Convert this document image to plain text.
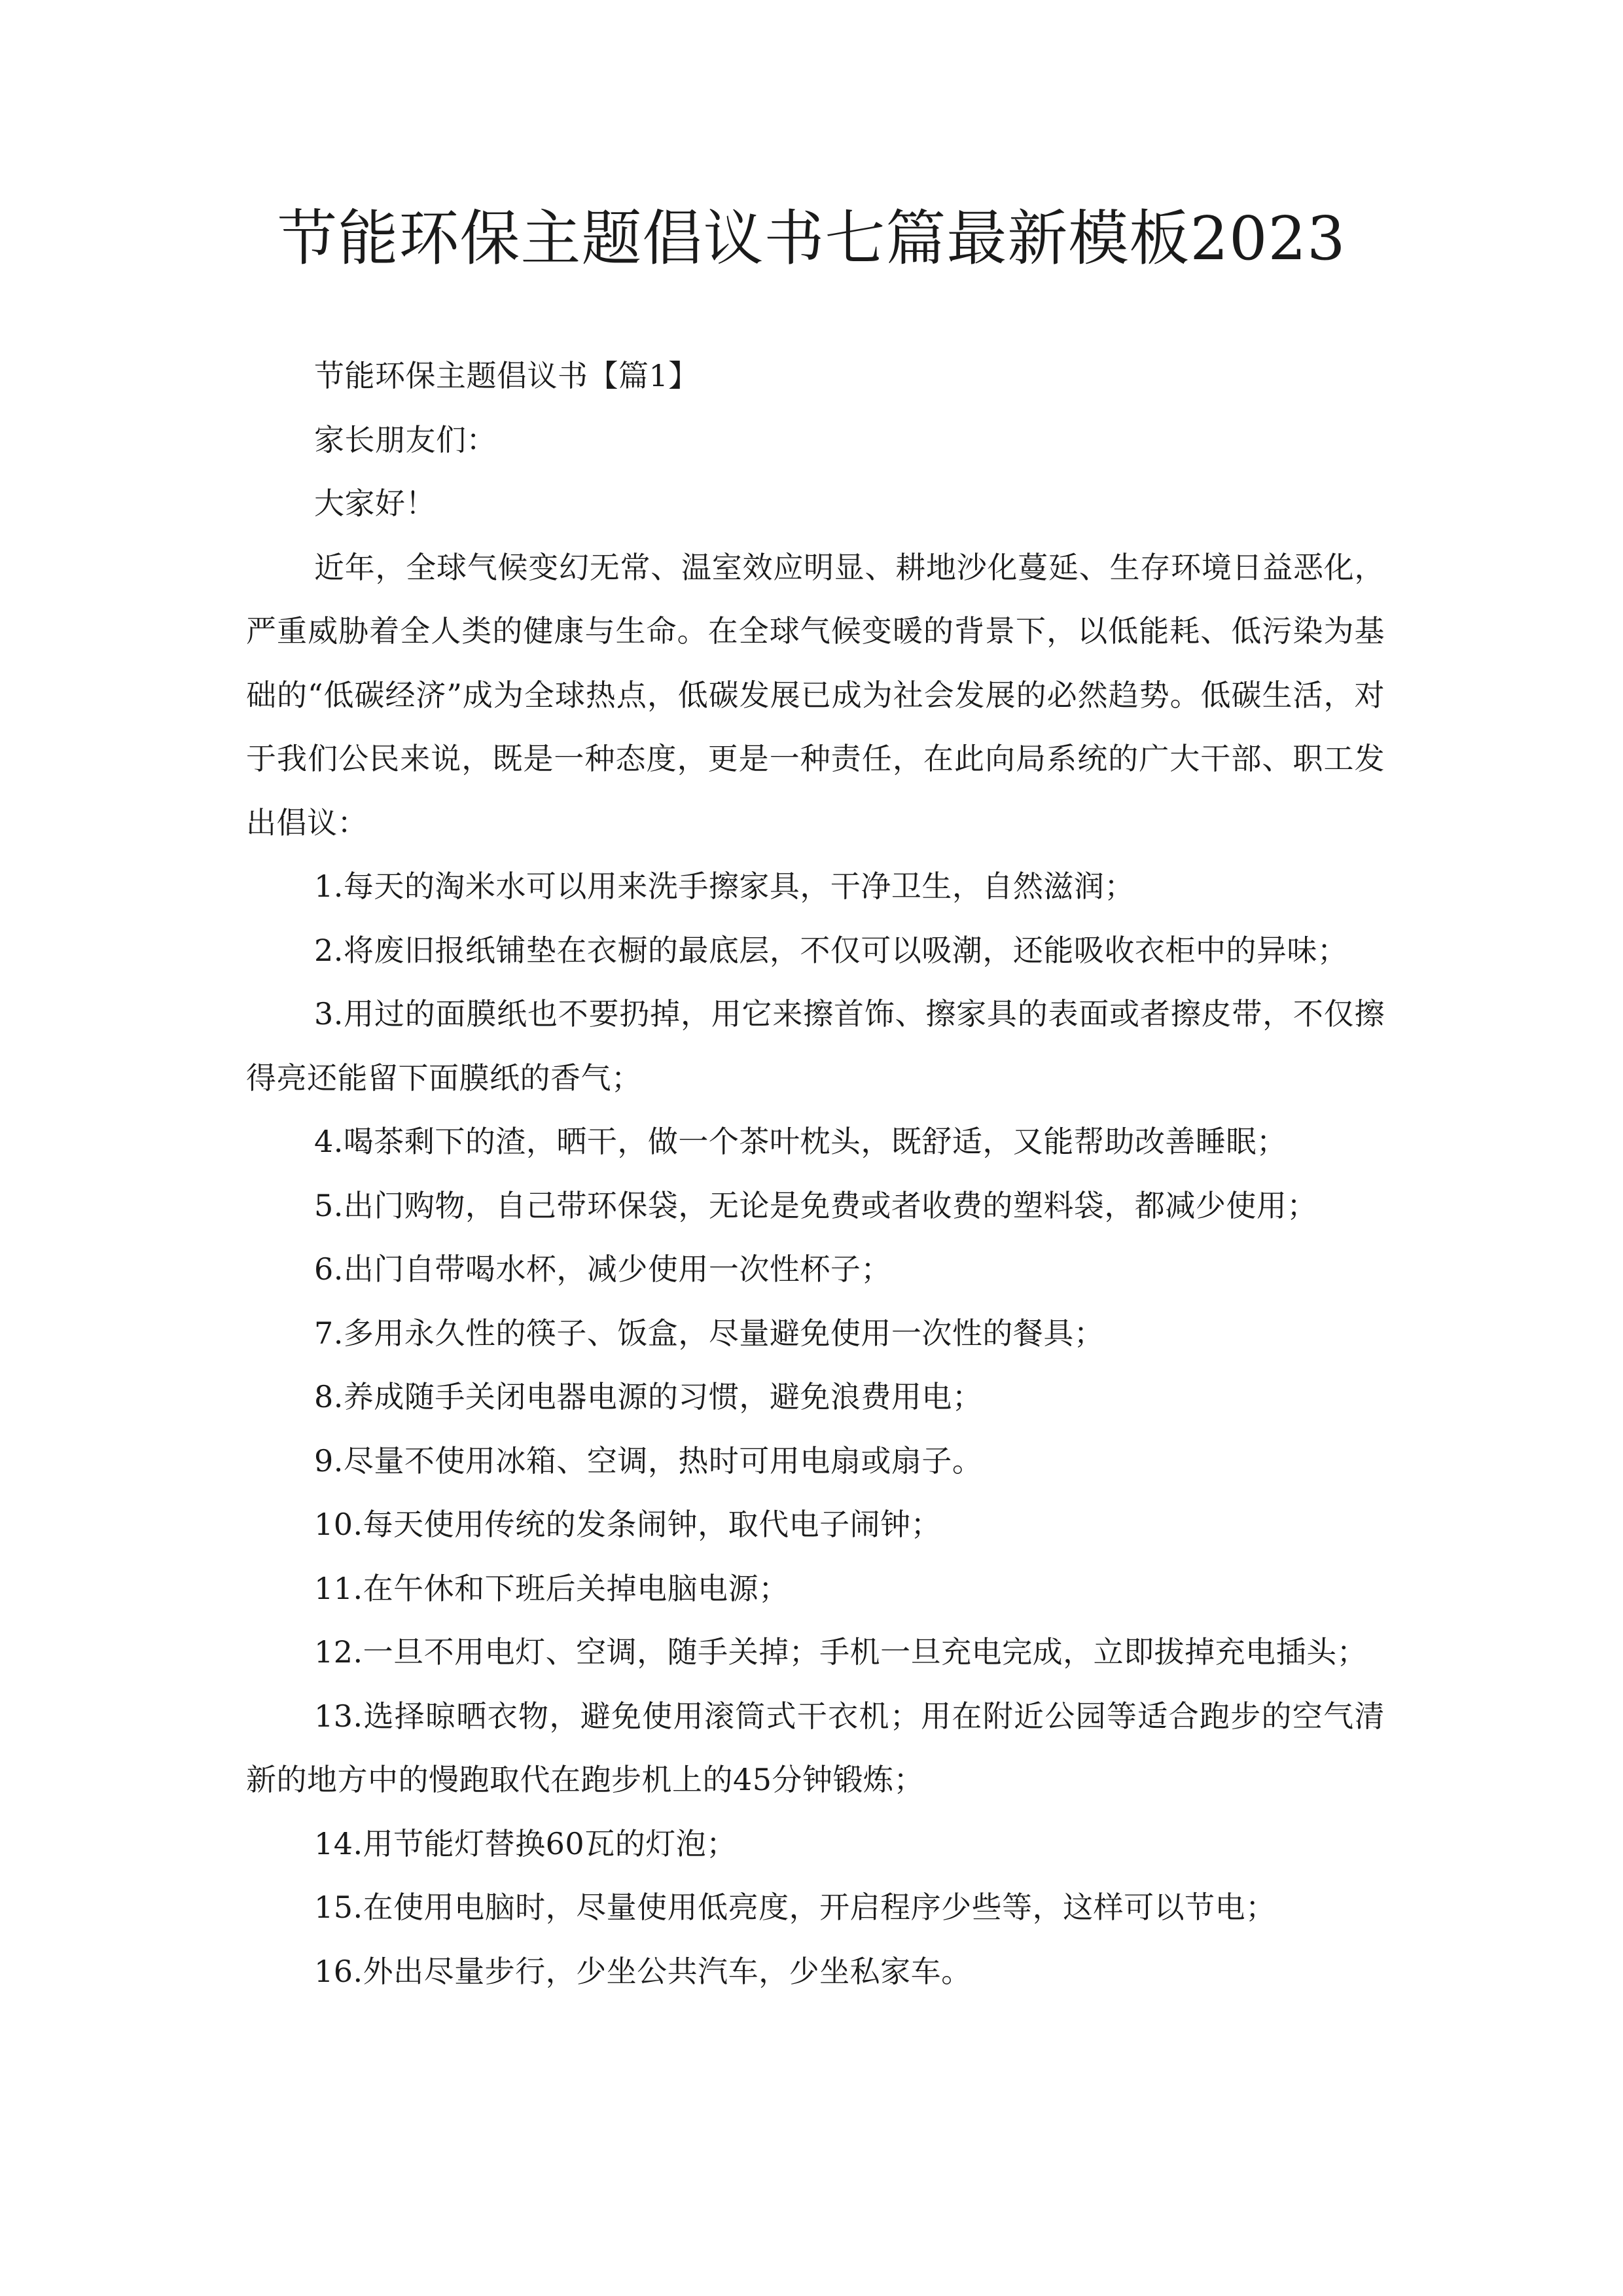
节能环保主题倡议书七篇最新模板2023

节能环保主题倡议书【篇1】

家长朋友们：

大家好！

近年，全球气候变幻无常、温室效应明显、耕地沙化蔓延、生存环境日益恶化，严重威胁着全人类的健康与生命。在全球气候变暖的背景下，以低能耗、低污染为基础的“低碳经济”成为全球热点，低碳发展已成为社会发展的必然趋势。低碳生活，对于我们公民来说，既是一种态度，更是一种责任，在此向局系统的广大干部、职工发出倡议：

1.每天的淘米水可以用来洗手擦家具，干净卫生，自然滋润；

2.将废旧报纸铺垫在衣橱的最底层，不仅可以吸潮，还能吸收衣柜中的异味；

3.用过的面膜纸也不要扔掉，用它来擦首饰、擦家具的表面或者擦皮带，不仅擦得亮还能留下面膜纸的香气；

4.喝茶剩下的渣，晒干，做一个茶叶枕头，既舒适，又能帮助改善睡眠；

5.出门购物，自己带环保袋，无论是免费或者收费的塑料袋，都减少使用；

6.出门自带喝水杯，减少使用一次性杯子；

7.多用永久性的筷子、饭盒，尽量避免使用一次性的餐具；

8.养成随手关闭电器电源的习惯，避免浪费用电；

9.尽量不使用冰箱、空调，热时可用电扇或扇子。

10.每天使用传统的发条闹钟，取代电子闹钟；

11.在午休和下班后关掉电脑电源；

12.一旦不用电灯、空调，随手关掉；手机一旦充电完成，立即拔掉充电插头；

13.选择晾晒衣物，避免使用滚筒式干衣机；用在附近公园等适合跑步的空气清新的地方中的慢跑取代在跑步机上的45分钟锻炼；

14.用节能灯替换60瓦的灯泡；

15.在使用电脑时，尽量使用低亮度，开启程序少些等，这样可以节电；

16.外出尽量步行，少坐公共汽车，少坐私家车。
